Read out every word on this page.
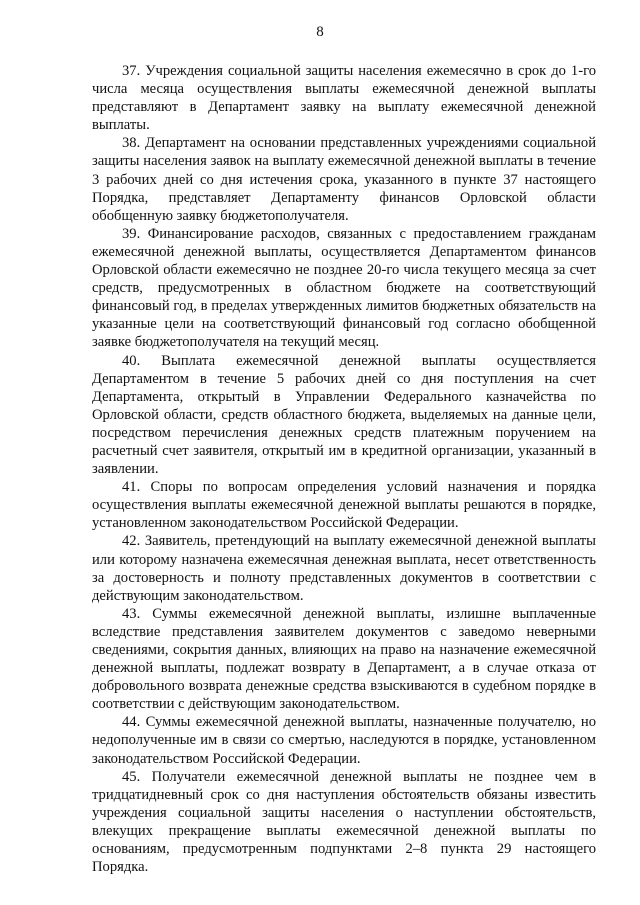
8

37. Учреждения социальной защиты населения ежемесячно в срок до 1-го числа месяца осуществления выплаты ежемесячной денежной выплаты представляют в Департамент заявку на выплату ежемесячной денежной выплаты.

38. Департамент на основании представленных учреждениями социальной защиты населения заявок на выплату ежемесячной денежной выплаты в течение 3 рабочих дней со дня истечения срока, указанного в пункте 37 настоящего Порядка, представляет Департаменту финансов Орловской области обобщенную заявку бюджетополучателя.

39. Финансирование расходов, связанных с предоставлением гражданам ежемесячной денежной выплаты, осуществляется Департаментом финансов Орловской области ежемесячно не позднее 20-го числа текущего месяца за счет средств, предусмотренных в областном бюджете на соответствующий финансовый год, в пределах утвержденных лимитов бюджетных обязательств на указанные цели на соответствующий финансовый год согласно обобщенной заявке бюджетополучателя на текущий месяц.

40. Выплата ежемесячной денежной выплаты осуществляется Департаментом в течение 5 рабочих дней со дня поступления на счет Департамента, открытый в Управлении Федерального казначейства по Орловской области, средств областного бюджета, выделяемых на данные цели, посредством перечисления денежных средств платежным поручением на расчетный счет заявителя, открытый им в кредитной организации, указанный в заявлении.

41. Споры по вопросам определения условий назначения и порядка осуществления выплаты ежемесячной денежной выплаты решаются в порядке, установленном законодательством Российской Федерации.

42. Заявитель, претендующий на выплату ежемесячной денежной выплаты или которому назначена ежемесячная денежная выплата, несет ответственность за достоверность и полноту представленных документов в соответствии с действующим законодательством.

43. Суммы ежемесячной денежной выплаты, излишне выплаченные вследствие представления заявителем документов с заведомо неверными сведениями, сокрытия данных, влияющих на право на назначение ежемесячной денежной выплаты, подлежат возврату в Департамент, а в случае отказа от добровольного возврата денежные средства взыскиваются в судебном порядке в соответствии с действующим законодательством.

44. Суммы ежемесячной денежной выплаты, назначенные получателю, но недополученные им в связи со смертью, наследуются в порядке, установленном законодательством Российской Федерации.

45. Получатели ежемесячной денежной выплаты не позднее чем в тридцатидневный срок со дня наступления обстоятельств обязаны известить учреждения социальной защиты населения о наступлении обстоятельств, влекущих прекращение выплаты ежемесячной денежной выплаты по основаниям, предусмотренным подпунктами 2–8 пункта 29 настоящего Порядка.
